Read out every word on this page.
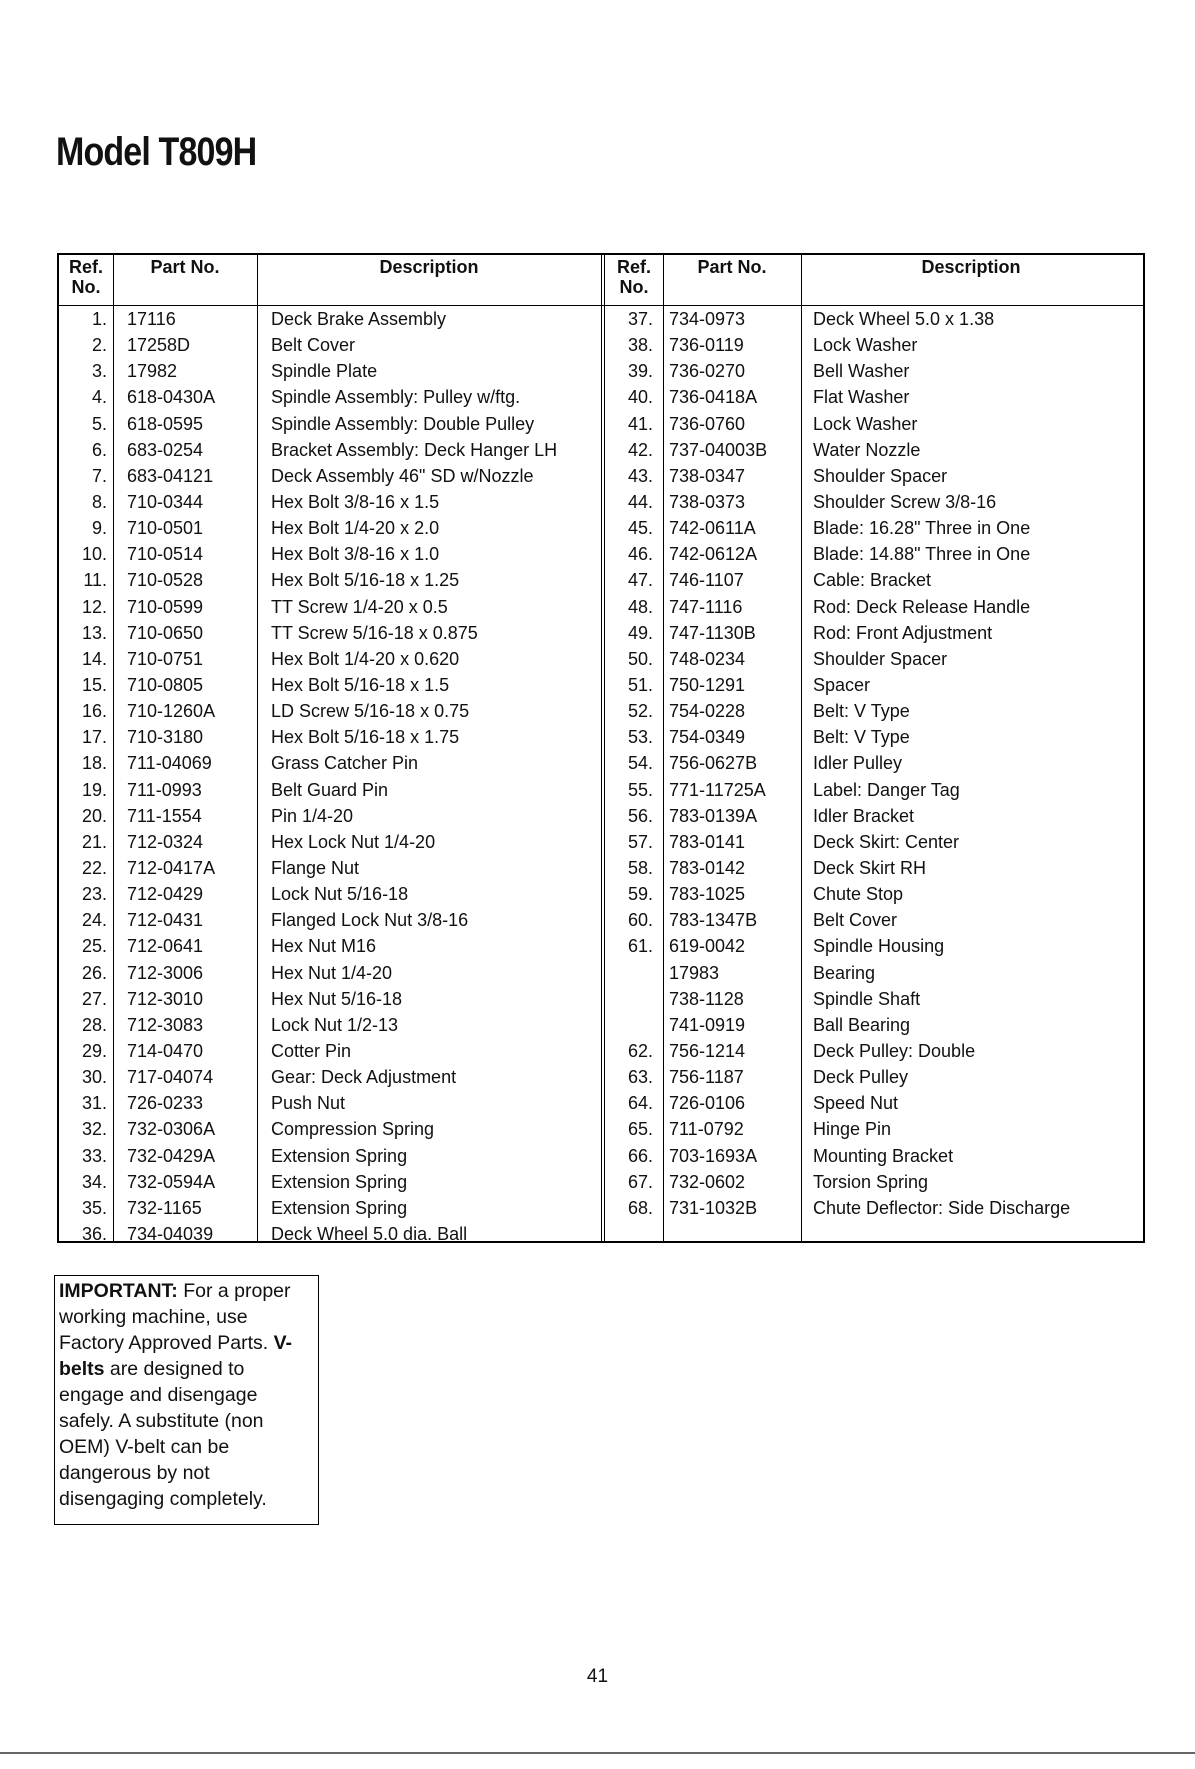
Model T809H
Ref.
No.
Part No.	Description
1. 17116	Deck Brake Assembly
2. 17258D	Belt Cover
3. 17982	Spindle Plate
4. 618-0430A	Spindle Assembly: Pulley w/ftg.
5. 618-0595	Spindle Assembly: Double Pulley
6. 683-0254	Bracket Assembly: Deck Hanger LH
7. 683-04121	Deck Assembly 46" SD w/Nozzle
8. 710-0344	Hex Bolt 3/8-16 x 1.5
9. 710-0501	Hex Bolt 1/4-20 x 2.0
10. 710-0514	Hex Bolt 3/8-16 x 1.0
11. 710-0528	Hex Bolt 5/16-18 x 1.25
12. 710-0599	TT Screw 1/4-20 x 0.5
13. 710-0650	TT Screw 5/16-18 x 0.875
14. 710-0751	Hex Bolt 1/4-20 x 0.620
15. 710-0805	Hex Bolt 5/16-18 x 1.5
16. 710-1260A	LD Screw 5/16-18 x 0.75
17. 710-3180	Hex Bolt 5/16-18 x 1.75
18. 711-04069	Grass Catcher Pin
19. 711-0993	Belt Guard Pin
20. 711-1554	Pin 1/4-20
21. 712-0324	Hex Lock Nut 1/4-20
22. 712-0417A	Flange Nut
23. 712-0429	Lock Nut 5/16-18
24. 712-0431	Flanged Lock Nut 3/8-16
25. 712-0641	Hex Nut M16
26. 712-3006	Hex Nut 1/4-20
27. 712-3010	Hex Nut 5/16-18
28. 712-3083	Lock Nut 1/2-13
29. 714-0470	Cotter Pin
30. 717-04074	Gear: Deck Adjustment
31. 726-0233	Push Nut
32. 732-0306A	Compression Spring
33. 732-0429A	Extension Spring
34. 732-0594A	Extension Spring
35. 732-1165	Extension Spring
36. 734-04039	Deck Wheel 5.0 dia. Ball
Ref.
No.
Part No.	Description
37. 734-0973	Deck Wheel 5.0 x 1.38
38. 736-0119	Lock Washer
39. 736-0270	Bell Washer
40. 736-0418A	Flat Washer
41. 736-0760	Lock Washer
42. 737-04003B	Water Nozzle
43. 738-0347	Shoulder Spacer
44. 738-0373	Shoulder Screw 3/8-16
45. 742-0611A	Blade: 16.28" Three in One
46. 742-0612A	Blade: 14.88" Three in One
47. 746-1107	Cable: Bracket
48. 747-1116	Rod: Deck Release Handle
49. 747-1130B	Rod: Front Adjustment
50. 748-0234	Shoulder Spacer
51. 750-1291	Spacer
52. 754-0228	Belt: V Type
53. 754-0349	Belt: V Type
54. 756-0627B	Idler Pulley
55. 771-11725A	Label: Danger Tag
56. 783-0139A	Idler Bracket
57. 783-0141	Deck Skirt: Center
58. 783-0142	Deck Skirt RH
59. 783-1025	Chute Stop
60. 783-1347B	Belt Cover
61. 619-0042	Spindle Housing
17983	Bearing
738-1128	Spindle Shaft
741-0919	Ball Bearing
62. 756-1214	Deck Pulley: Double
63. 756-1187	Deck Pulley
64. 726-0106	Speed Nut
65. 711-0792	Hinge Pin
66. 703-1693A	Mounting Bracket
67. 732-0602	Torsion Spring
68. 731-1032B	Chute Deflector: Side Discharge
IMPORTANT: For a proper working machine, use Factory Approved Parts. V-belts are designed to engage and disengage safely. A substitute (non OEM) V-belt can be dangerous by not disengaging completely.
41
